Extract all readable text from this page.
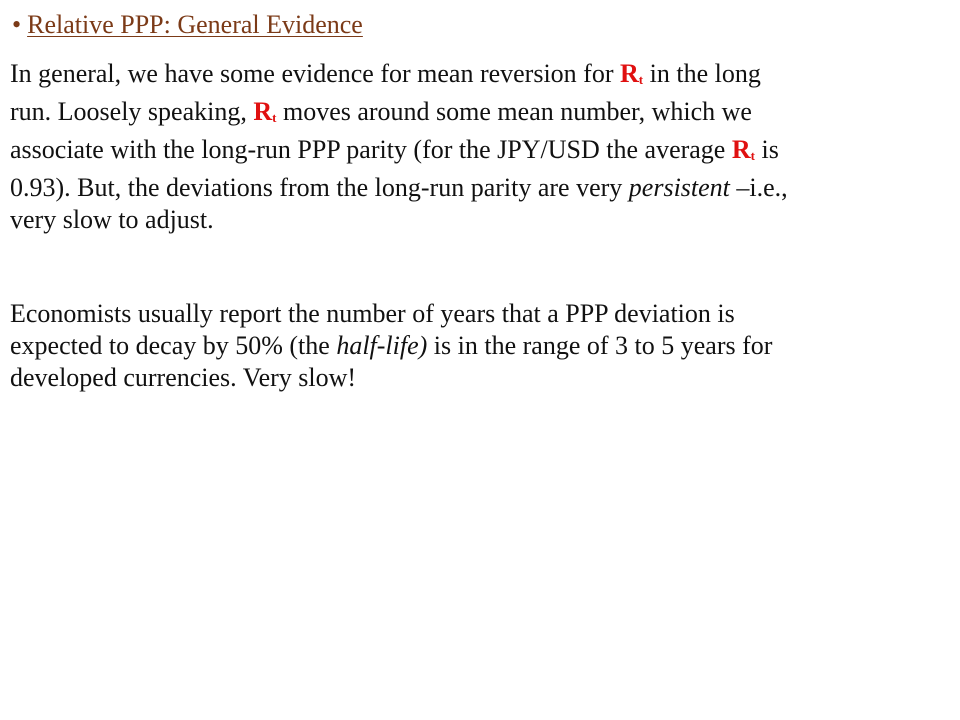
• Relative PPP: General Evidence

In general, we have some evidence for mean reversion for $R_t$ in the long
run. Loosely speaking, $R_t$ moves around some mean number, which we
associate with the long-run PPP parity (for the JPY/USD the average $R_t$ is
0.93). But, the deviations from the long-run parity are very persistent –i.e.,
very slow to adjust.

Economists usually report the number of years that a PPP deviation is
expected to decay by 50% (the half-life) is in the range of 3 to 5 years for
developed currencies. Very slow!
